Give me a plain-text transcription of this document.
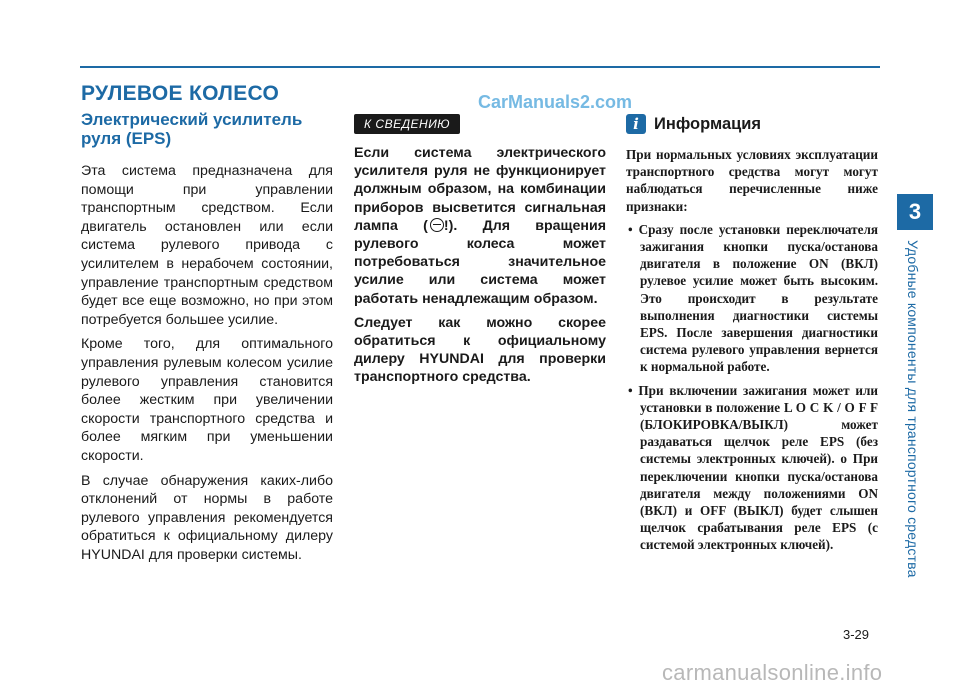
РУЛЕВОЕ КОЛЕСО	CarManuals2.com
3
Удобные компоненты для транспортного средства
Электрический усилитель руля (EPS)

Эта система предназначена для помощи при управлении транспортным средством. Если двигатель остановлен или если система рулевого привода с усилителем в нерабочем состоянии, управление транспортным средством будет все еще возможно, но при этом потребуется большее усилие.

Кроме того, для оптимального управления рулевым колесом усилие рулевого управления становится более жестким при увеличении скорости транспортного средства и более мягким при уменьшении скорости.

В случае обнаружения каких-либо отклонений от нормы в работе рулевого управления рекомендуется обратиться к официальному дилеру HYUNDAI для проверки системы.

К СВЕДЕНИЮ

Если система электрического усилителя руля не функционирует должным образом, на комбинации приборов высветится сигнальная лампа ( !). Для вращения рулевого колеса может потребоваться значительное усилие или система может работать ненадлежащим образом.

Следует как можно скорее обратиться к официальному дилеру HYUNDAI для проверки транспортного средства.

i Информация

При нормальных условиях эксплуатации транспортного средства могут могут наблюдаться перечисленные ниже признаки:

• Сразу после установки переключателя зажигания кнопки пуска/останова двигателя в положение ON (ВКЛ) рулевое усилие может быть высоким. Это происходит в результате выполнения диагностики системы EPS. После завершения диагностики система рулевого управления вернется к нормальной работе.
• При включении зажигания может или установки в положение L O C K / O F F (БЛОКИРОВКА/ВЫКЛ) может раздаваться щелчок реле EPS (без системы электронных ключей). о При переключении кнопки пуска/останова двигателя между положениями ON (ВКЛ) и OFF (ВЫКЛ) будет слышен щелчок срабатывания реле EPS (с системой электронных ключей).
3-29
carmanualsonline.info
